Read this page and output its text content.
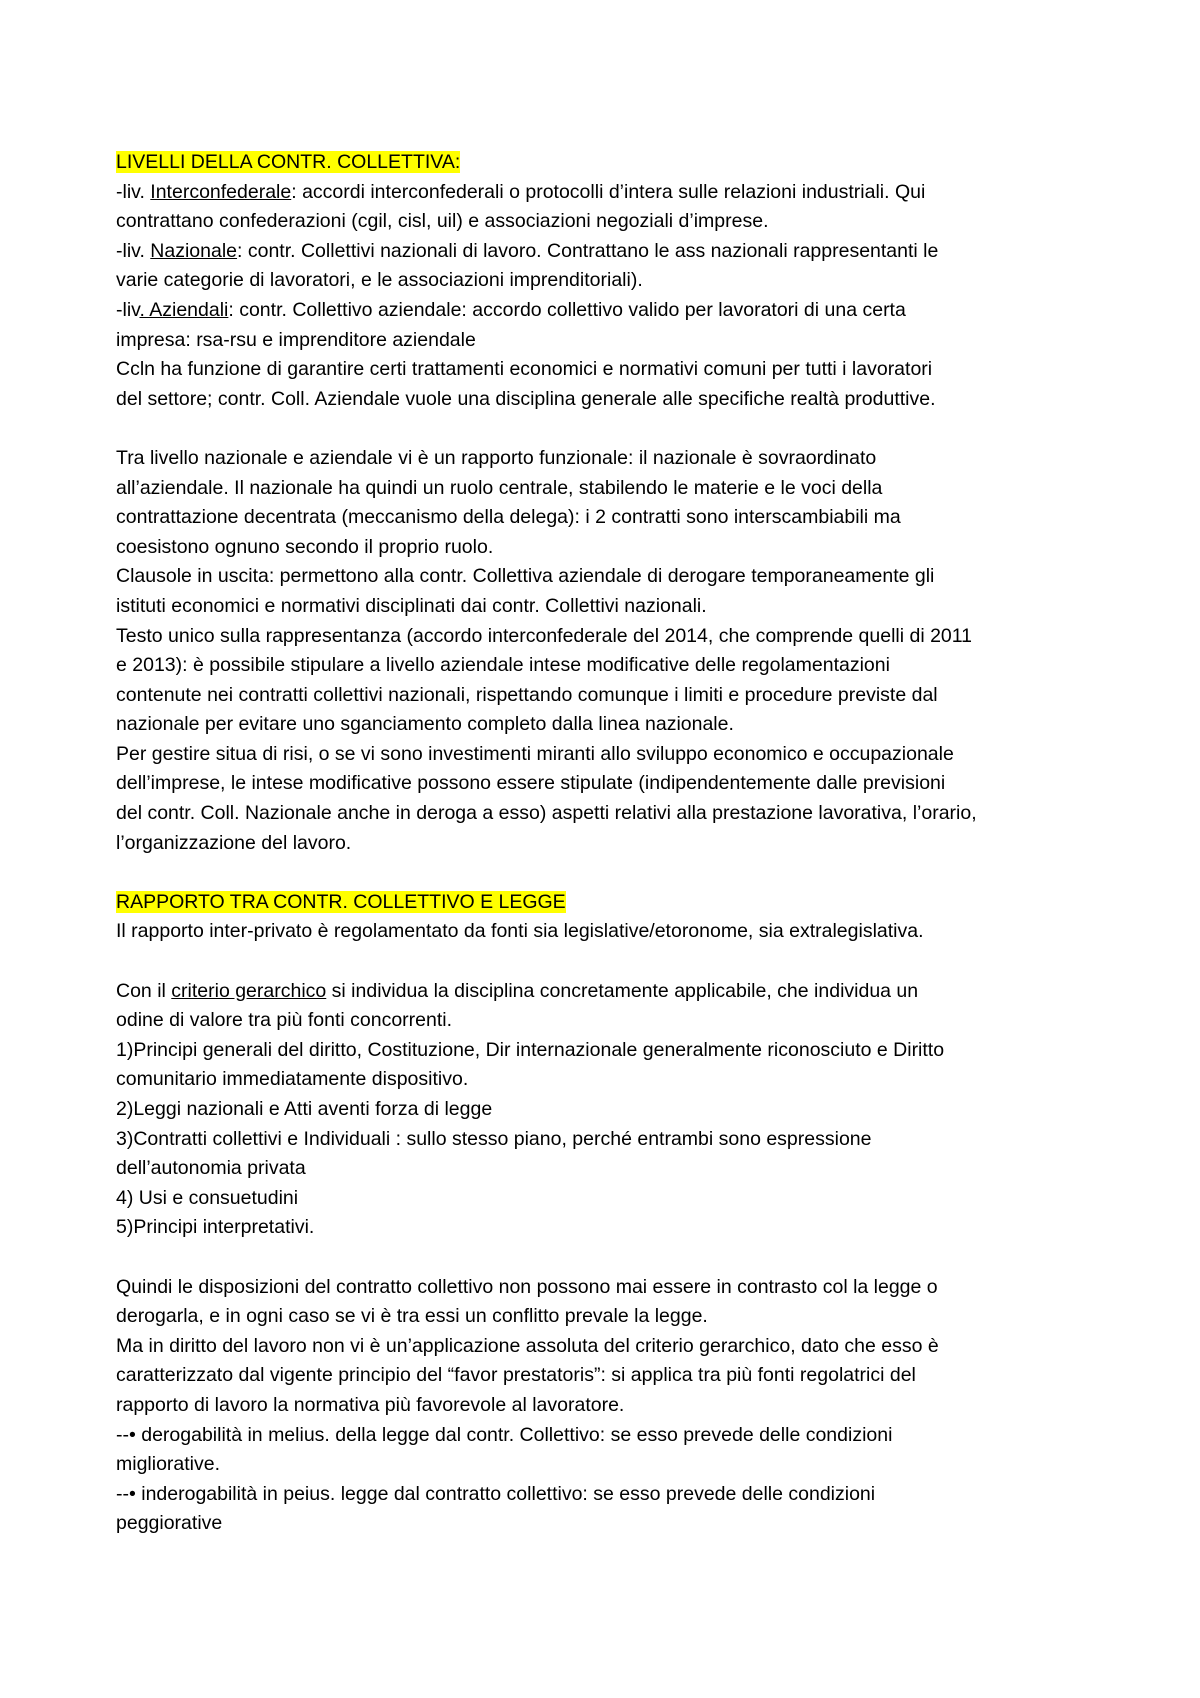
LIVELLI DELLA CONTR. COLLETTIVA:
-liv. Interconfederale: accordi interconfederali o protocolli d’intera sulle relazioni industriali. Qui
contrattano confederazioni (cgil, cisl, uil) e associazioni negoziali d’imprese.
-liv. Nazionale: contr. Collettivi nazionali di lavoro. Contrattano le ass nazionali rappresentanti le
varie categorie di lavoratori, e le associazioni imprenditoriali).
-liv. Aziendali: contr. Collettivo aziendale: accordo collettivo valido per lavoratori di una certa
impresa: rsa-rsu e imprenditore aziendale
Ccln ha funzione di garantire certi trattamenti economici e normativi comuni per tutti i lavoratori
del settore; contr. Coll. Aziendale vuole una disciplina generale alle specifiche realtà produttive.
Tra livello nazionale e aziendale vi è un rapporto funzionale: il nazionale è sovraordinato
all’aziendale. Il nazionale ha quindi un ruolo centrale, stabilendo le materie e le voci della
contrattazione decentrata (meccanismo della delega): i 2 contratti sono interscambiabili ma
coesistono ognuno secondo il proprio ruolo.
Clausole in uscita: permettono alla contr. Collettiva aziendale di derogare temporaneamente gli
istituti economici e normativi disciplinati dai contr. Collettivi nazionali.
Testo unico sulla rappresentanza (accordo interconfederale del 2014, che comprende quelli di 2011
e 2013): è possibile stipulare a livello aziendale intese modificative delle regolamentazioni
contenute nei contratti collettivi nazionali, rispettando comunque i limiti e procedure previste dal
nazionale per evitare uno sganciamento completo dalla linea nazionale.
Per gestire situa di risi, o se vi sono investimenti miranti allo sviluppo economico e occupazionale
dell’imprese, le intese modificative possono essere stipulate (indipendentemente dalle previsioni
del contr. Coll. Nazionale anche in deroga a esso) aspetti relativi alla prestazione lavorativa, l’orario,
l’organizzazione del lavoro.
RAPPORTO TRA CONTR. COLLETTIVO E LEGGE
Il rapporto inter-privato è regolamentato da fonti sia legislative/etoronome, sia extralegislativa.
Con il criterio gerarchico si individua la disciplina concretamente applicabile, che individua un
odine di valore tra più fonti concorrenti.
1)Principi generali del diritto, Costituzione, Dir internazionale generalmente riconosciuto e Diritto
comunitario immediatamente dispositivo.
2)Leggi nazionali e Atti aventi forza di legge
3)Contratti collettivi e Individuali : sullo stesso piano, perché entrambi sono espressione
dell’autonomia privata
4) Usi e consuetudini
5)Principi interpretativi.
Quindi le disposizioni del contratto collettivo non possono mai essere in contrasto col la legge o
derogarla, e in ogni caso se vi è tra essi un conflitto prevale la legge.
Ma in diritto del lavoro non vi è un’applicazione assoluta del criterio gerarchico, dato che esso è
caratterizzato dal vigente principio del “favor prestatoris”: si applica tra più fonti regolatrici del
rapporto di lavoro la normativa più favorevole al lavoratore.
--• derogabilità in melius. della legge dal contr. Collettivo: se esso prevede delle condizioni
migliorative.
--• inderogabilità in peius. legge dal contratto collettivo: se esso prevede delle condizioni
peggiorative
